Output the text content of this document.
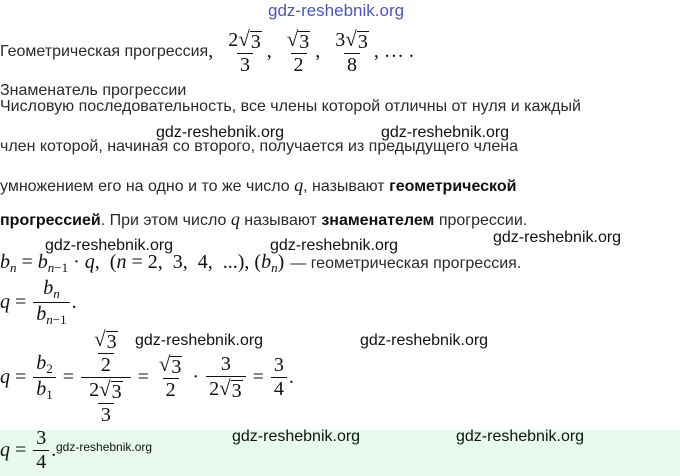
gdz-reshebnik.org
Геометрическая прогрессия , $\frac{2 √ 3}{3}$ , $\frac{√ 3}{2}$ , $\frac{3 √ 3}{8}$ , … .
Знаменатель прогрессии
Числовую последовательность, все члены которой отличны от нуля и каждый
gdz-reshebnik.org	gdz-reshebnik.org
член которой, начиная со второго, получается из предыдущего члена
умножением его на одно и то же число q, называют геометрической
прогрессией. При этом число q называют знаменателем прогрессии.
gdz-reshebnik.org	gdz-reshebnik.org	gdz-reshebnik.org
$b_n = b_{n-1} \cdot q$,  (n = 2,  3,  4,  ...), $(b_n)$ — геометрическая прогрессия.
$q = \frac{b_n}{b_{n-1}}$ .
gdz-reshebnik.org	gdz-reshebnik.org
$q = \frac{b_2}{b_1} = \frac{\frac{√ 3}{2}}{\frac{2 √ 3}{3}} = \frac{√ 3}{2} \cdot \frac{3}{2 √ 3} = \frac{3}{4}$ .
$q = \frac{3}{4}$ . gdz-reshebnik.org
gdz-reshebnik.org	gdz-reshebnik.org
